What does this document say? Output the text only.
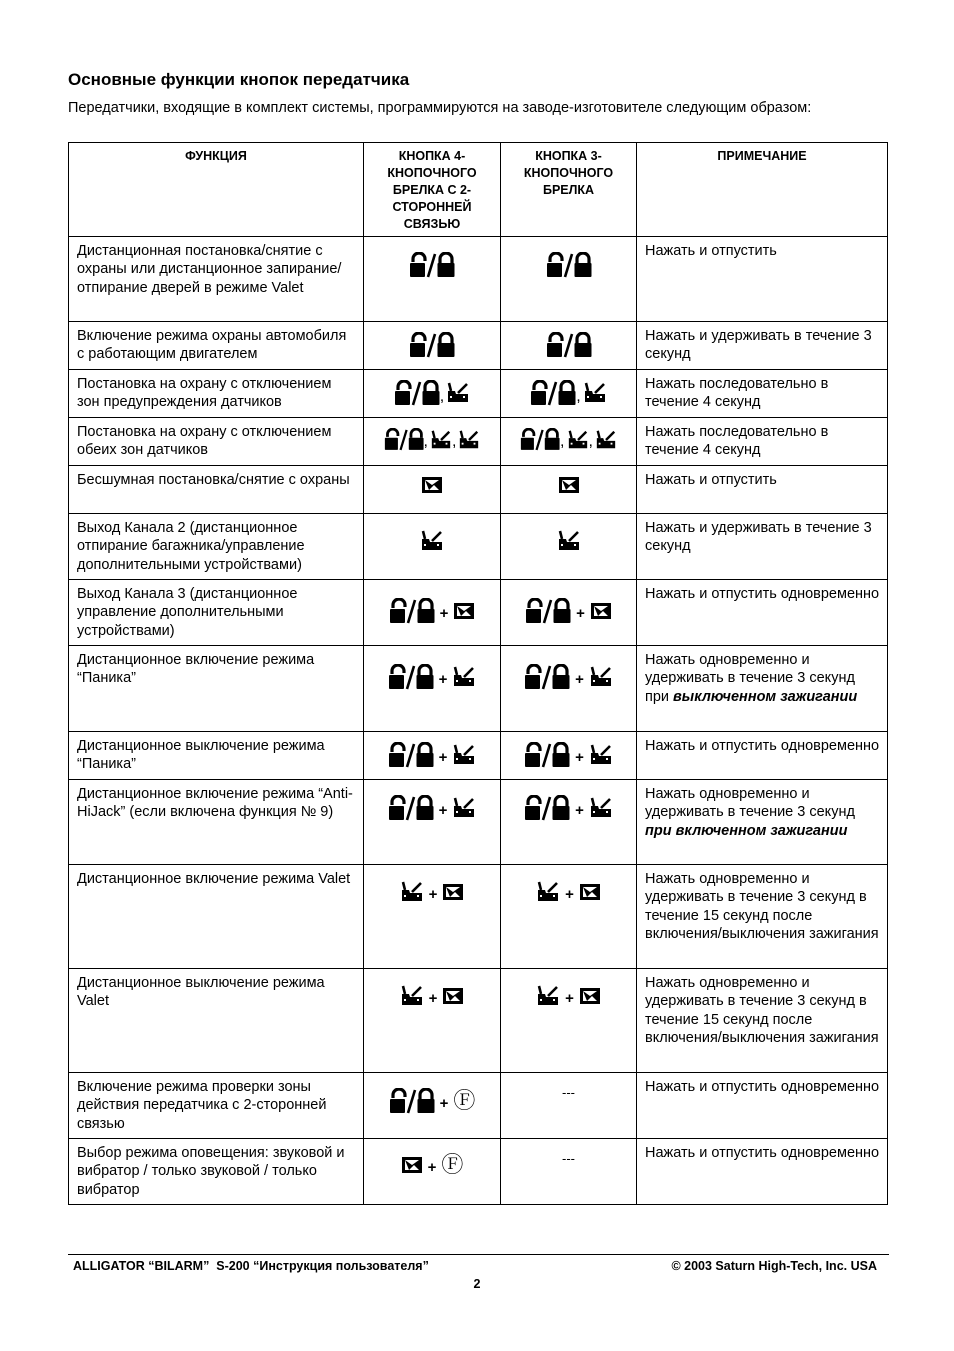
Основные функции кнопок передатчика
Передатчики, входящие в комплект системы, программируются на заводе-изготовителе следующим образом:
ФУНКЦИЯ	КНОПКА 4-КНОПОЧНОГО БРЕЛКА С 2-СТОРОННЕЙ СВЯЗЬЮ	КНОПКА 3-КНОПОЧНОГО БРЕЛКА	ПРИМЕЧАНИЕ
Дистанционная постановка/снятие с охраны или дистанционное запирание/отпирание дверей в режиме Valet			Нажать и отпустить
Включение режима охраны автомобиля с работающим двигателем			Нажать и удерживать в течение 3 секунд
Постановка на охрану с отключением зон предупреждения датчиков	,	,	Нажать последовательно в течение 4 секунд
Постановка на охрану с отключением обеих зон датчиков	, ,	, ,	Нажать последовательно в течение 4 секунд
Бесшумная постановка/снятие с охраны			Нажать и отпустить
Выход Канала 2 (дистанционное отпирание багажника/управление дополнительными устройствами)			Нажать и удерживать в течение 3 секунд
Выход Канала 3 (дистанционное управление дополнительными устройствами)	+	+	Нажать и отпустить одновременно
Дистанционное включение режима “Паника”	+	+	Нажать одновременно и удерживать в течение 3 секунд при выключенном зажигании
Дистанционное выключение режима “Паника”	+	+	Нажать и отпустить одновременно
Дистанционное включение режима “Anti-HiJack” (если включена функция № 9)	+	+	Нажать одновременно и удерживать в течение 3 секунд при включенном зажигании
Дистанционное включение режима Valet	+	+	Нажать одновременно и удерживать в течение 3 секунд в течение 15 секунд после включения/выключения зажигания
Дистанционное выключение режима Valet	+	+	Нажать одновременно и удерживать в течение 3 секунд в течение 15 секунд после включения/выключения зажигания
Включение режима проверки зоны действия передатчика с 2-сторонней связью	+ Ⓕ	---	Нажать и отпустить одновременно
Выбор режима оповещения: звуковой и вибратор / только звуковой / только вибратор	+ Ⓕ	---	Нажать и отпустить одновременно
ALLIGATOR “BILARM”  S-200 “Инструкция пользователя”	© 2003 Saturn High-Tech, Inc. USA
2
